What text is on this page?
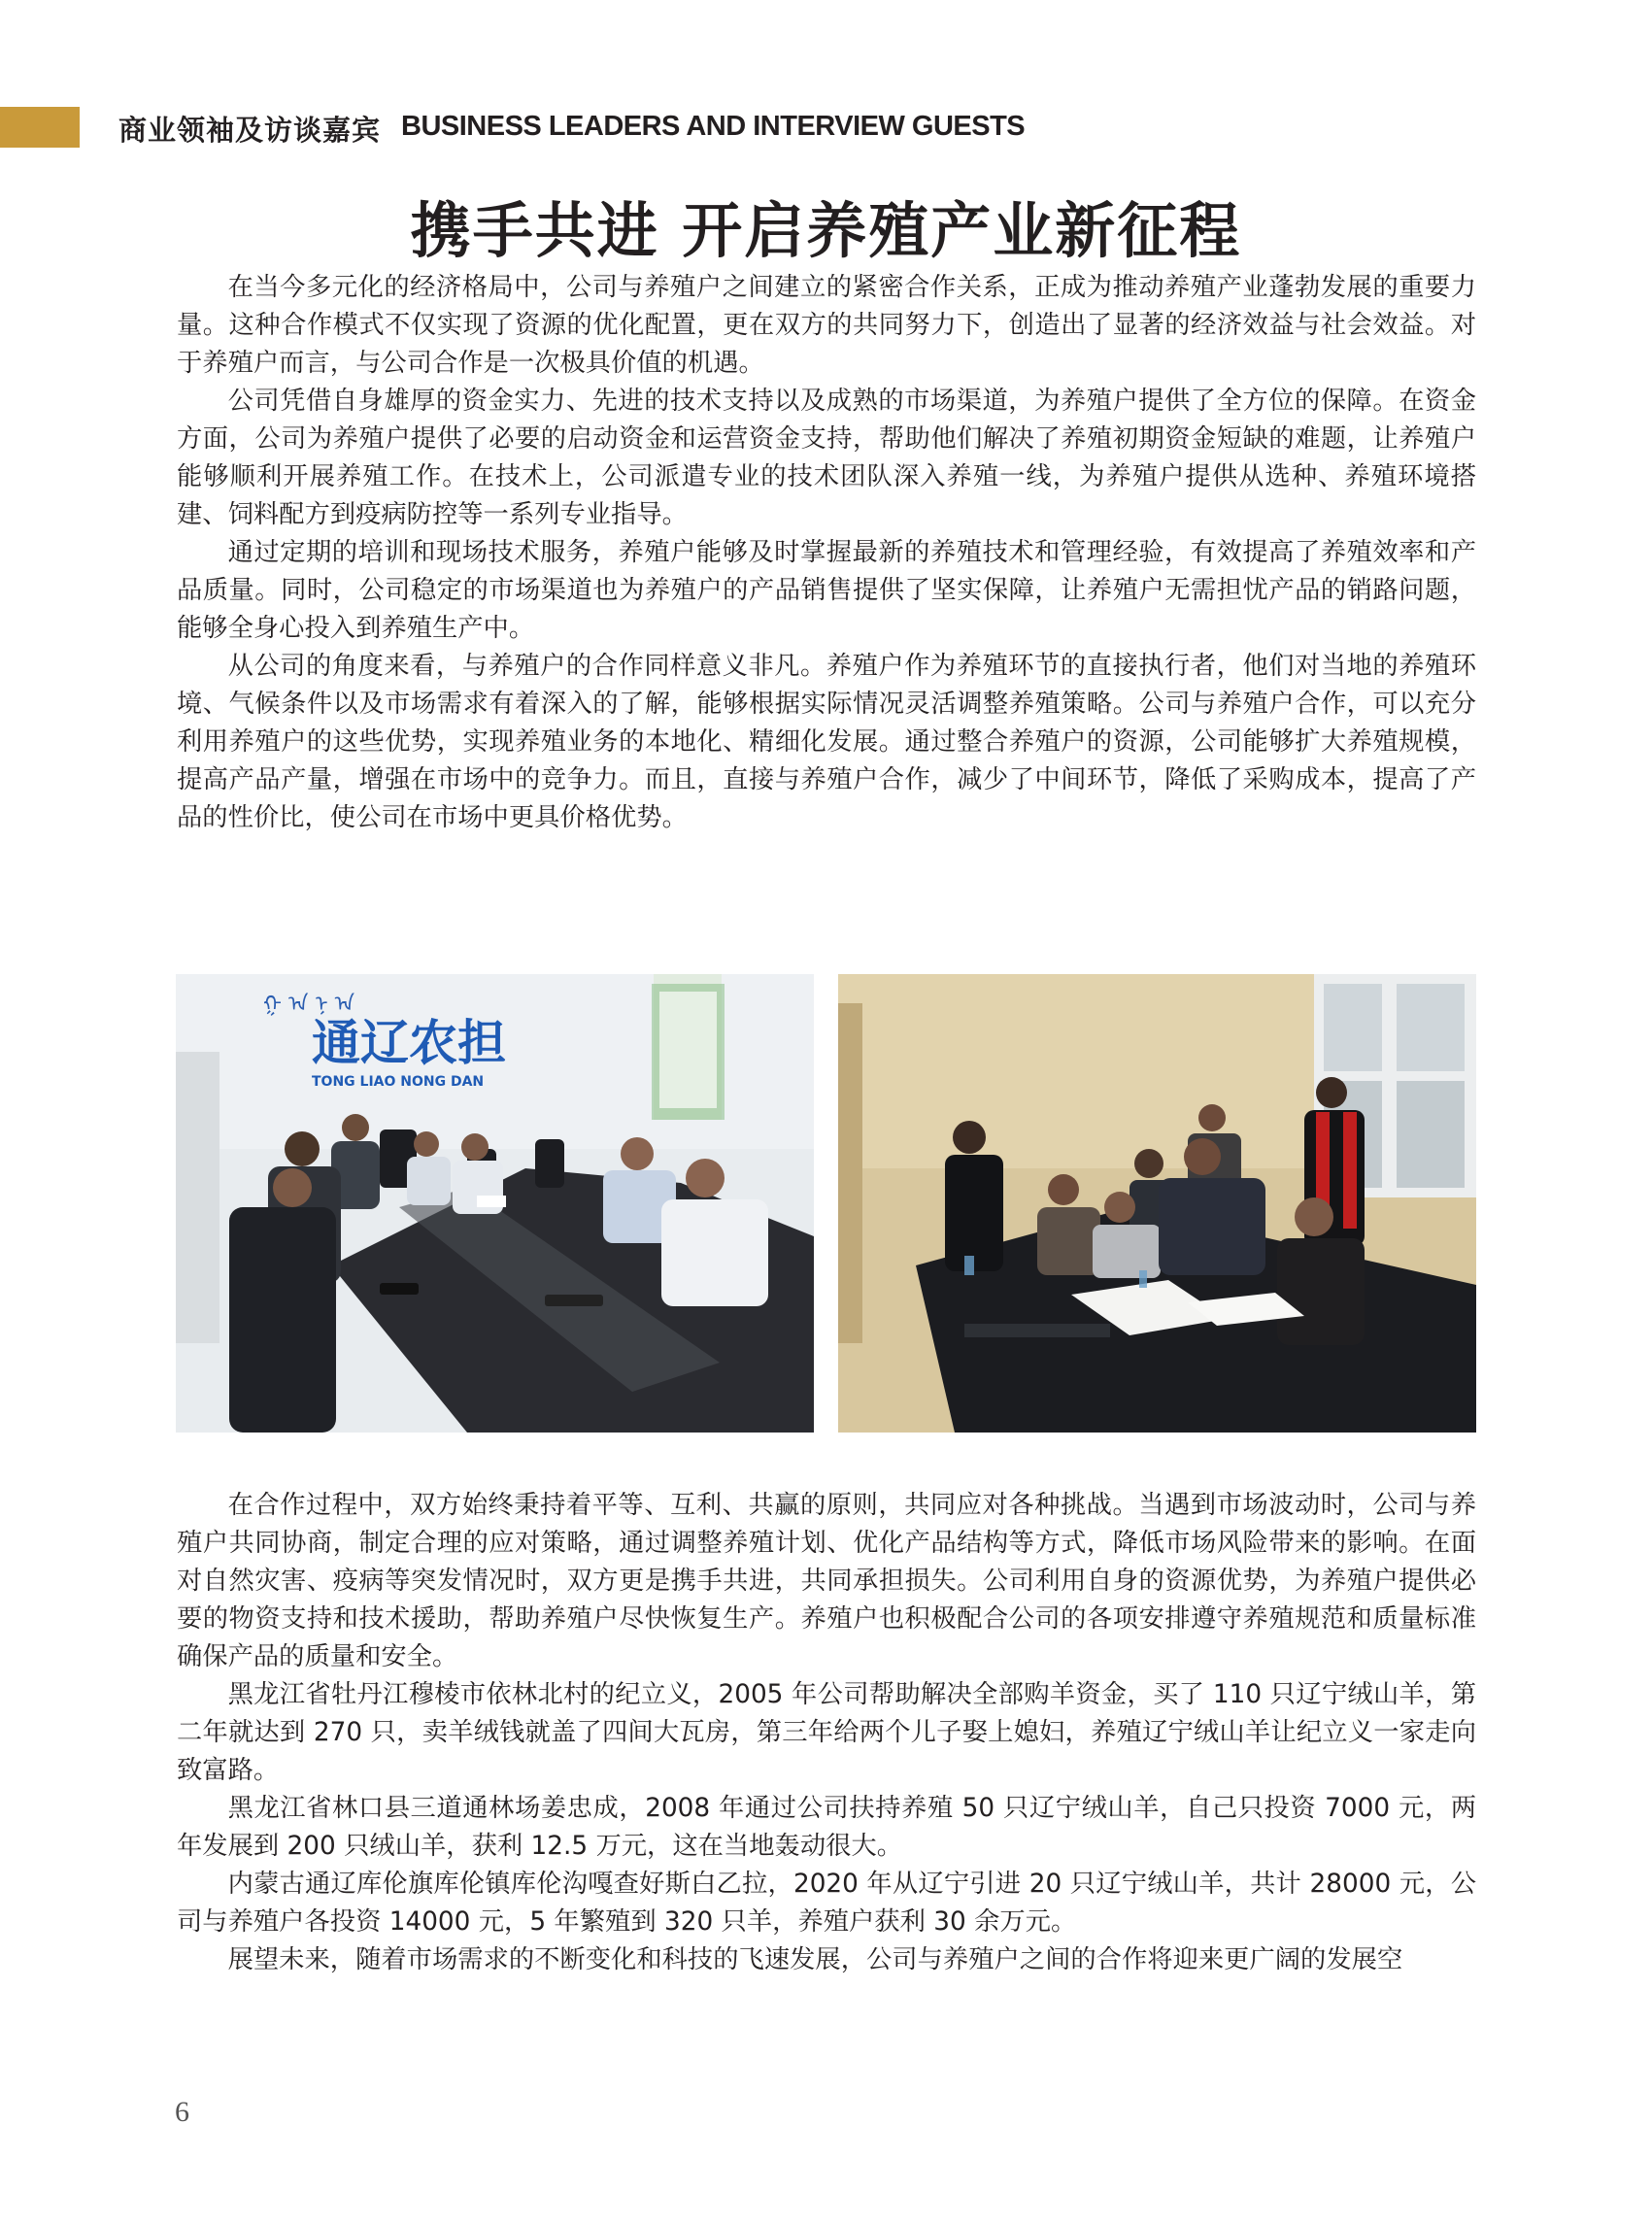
商业领袖及访谈嘉宾 BUSINESS LEADERS AND INTERVIEW GUESTS
携手共进 开启养殖产业新征程

在当今多元化的经济格局中，公司与养殖户之间建立的紧密合作关系，正成为推动养殖产业蓬勃发展的重要力量。这种合作模式不仅实现了资源的优化配置，更在双方的共同努力下，创造出了显著的经济效益与社会效益。对于养殖户而言，与公司合作是一次极具价值的机遇。

公司凭借自身雄厚的资金实力、先进的技术支持以及成熟的市场渠道，为养殖户提供了全方位的保障。在资金方面，公司为养殖户提供了必要的启动资金和运营资金支持，帮助他们解决了养殖初期资金短缺的难题，让养殖户能够顺利开展养殖工作。在技术上，公司派遣专业的技术团队深入养殖一线，为养殖户提供从选种、养殖环境搭建、饲料配方到疫病防控等一系列专业指导。

通过定期的培训和现场技术服务，养殖户能够及时掌握最新的养殖技术和管理经验，有效提高了养殖效率和产品质量。同时，公司稳定的市场渠道也为养殖户的产品销售提供了坚实保障，让养殖户无需担忧产品的销路问题，能够全身心投入到养殖生产中。

从公司的角度来看，与养殖户的合作同样意义非凡。养殖户作为养殖环节的直接执行者，他们对当地的养殖环境、气候条件以及市场需求有着深入的了解，能够根据实际情况灵活调整养殖策略。公司与养殖户合作，可以充分利用养殖户的这些优势，实现养殖业务的本地化、精细化发展。通过整合养殖户的资源，公司能够扩大养殖规模，提高产品产量，增强在市场中的竞争力。而且，直接与养殖户合作，减少了中间环节，降低了采购成本，提高了产品的性价比，使公司在市场中更具价格优势。

ᠭ ᠠ ᠨ ᠠ
通辽农担
TONG LIAO NONG DAN

在合作过程中，双方始终秉持着平等、互利、共赢的原则，共同应对各种挑战。当遇到市场波动时，公司与养殖户共同协商，制定合理的应对策略，通过调整养殖计划、优化产品结构等方式，降低市场风险带来的影响。在面对自然灾害、疫病等突发情况时，双方更是携手共进，共同承担损失。公司利用自身的资源优势，为养殖户提供必要的物资支持和技术援助，帮助养殖户尽快恢复生产。养殖户也积极配合公司的各项安排遵守养殖规范和质量标准确保产品的质量和安全。

黑龙江省牡丹江穆棱市依林北村的纪立义，2005 年公司帮助解决全部购羊资金，买了 110 只辽宁绒山羊，第二年就达到 270 只，卖羊绒钱就盖了四间大瓦房，第三年给两个儿子娶上媳妇，养殖辽宁绒山羊让纪立义一家走向致富路。

黑龙江省林口县三道通林场姜忠成，2008 年通过公司扶持养殖 50 只辽宁绒山羊，自己只投资 7000 元，两年发展到 200 只绒山羊，获利 12.5 万元，这在当地轰动很大。

内蒙古通辽库伦旗库伦镇库伦沟嘎查好斯白乙拉，2020 年从辽宁引进 20 只辽宁绒山羊，共计 28000 元，公司与养殖户各投资 14000 元，5 年繁殖到 320 只羊，养殖户获利 30 余万元。

展望未来，随着市场需求的不断变化和科技的飞速发展，公司与养殖户之间的合作将迎来更广阔的发展空

6
